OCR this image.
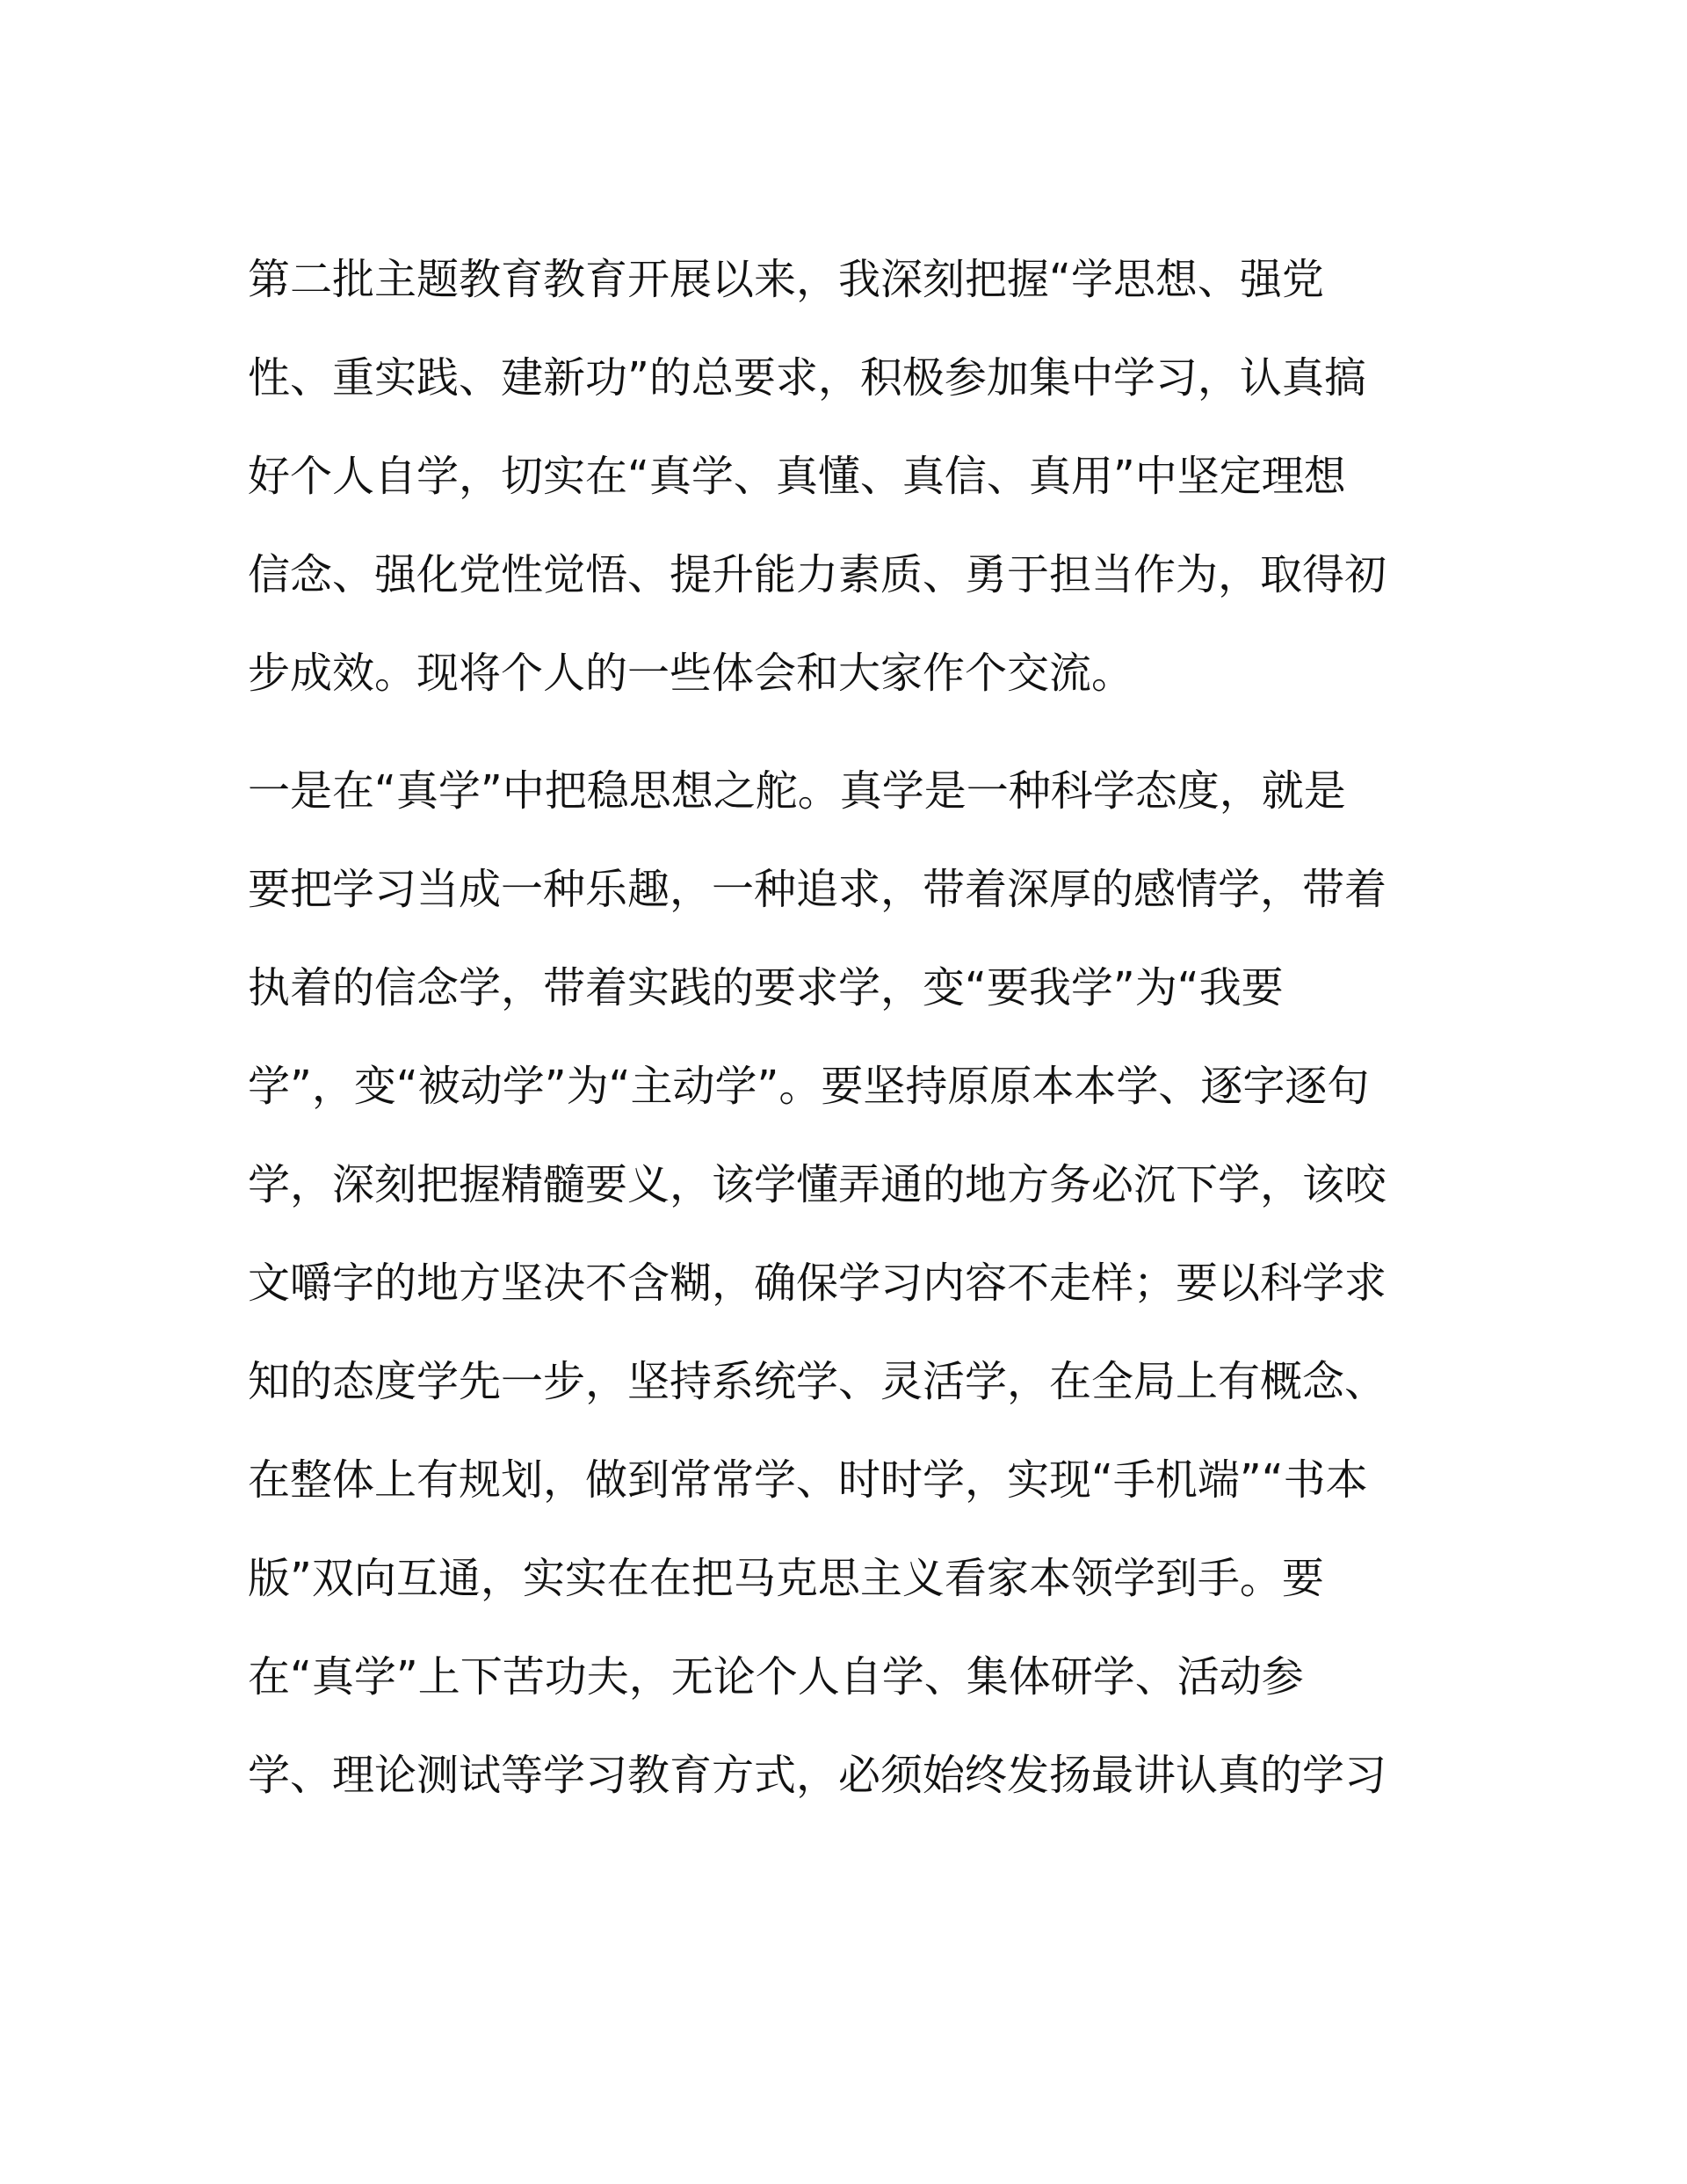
第二批主题教育教育开展以来，我深刻把握“学思想、强党
性、重实践、建新功”的总要求，积极参加集中学习，认真搞
好个人自学，切实在“真学、真懂、真信、真用”中坚定理想
信念、强化党性觉悟、提升能力素质、勇于担当作为，取得初
步成效。现将个人的一些体会和大家作个交流。
一是在“真学”中把稳思想之舵。真学是一种科学态度，就是
要把学习当成一种乐趣，一种追求，带着深厚的感情学，带着
执着的信念学，带着实践的要求学，变“要我学”为“我要
学”，变“被动学”为“主动学”。要坚持原原本本学、逐字逐句
学，深刻把握精髓要义，该学懂弄通的地方务必沉下学，该咬
文嚼字的地方坚决不含糊，确保学习内容不走样；要以科学求
知的态度学先一步，坚持系统学、灵活学，在全局上有概念、
在整体上有规划，做到常常学、时时学，实现“手机端”“书本
版”双向互通，实实在在把马克思主义看家本领学到手。要
在“真学”上下苦功夫，无论个人自学、集体研学、活动参
学、理论测试等学习教育方式，必须始终发扬最讲认真的学习
